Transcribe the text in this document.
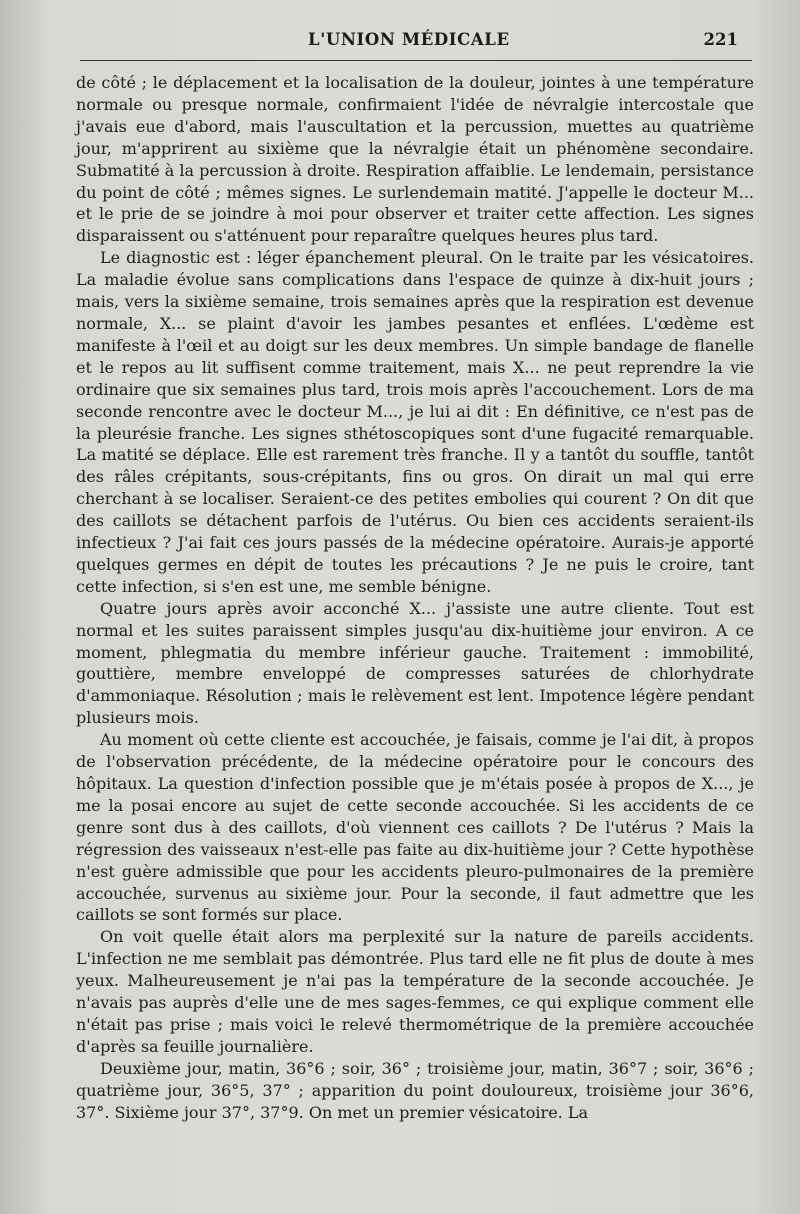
L'UNION MÉDICALE	221

de côté ; le déplacement et la localisation de la douleur, jointes à une température normale ou presque normale, confirmaient l'idée de névralgie intercostale que j'avais eue d'abord, mais l'auscultation et la percussion, muettes au quatrième jour, m'apprirent au sixième que la névralgie était un phénomène secondaire. Submatité à la percussion à droite. Respiration affaiblie. Le lendemain, persistance du point de côté ; mêmes signes. Le surlendemain matité. J'appelle le docteur M... et le prie de se joindre à moi pour observer et traiter cette affection. Les signes disparaissent ou s'atténuent pour reparaître quelques heures plus tard.

Le diagnostic est : léger épanchement pleural. On le traite par les vésicatoires. La maladie évolue sans complications dans l'espace de quinze à dix-huit jours ; mais, vers la sixième semaine, trois semaines après que la respiration est devenue normale, X... se plaint d'avoir les jambes pesantes et enflées. L'œdème est manifeste à l'œil et au doigt sur les deux membres. Un simple bandage de flanelle et le repos au lit suffisent comme traitement, mais X... ne peut reprendre la vie ordinaire que six semaines plus tard, trois mois après l'accouchement. Lors de ma seconde rencontre avec le docteur M..., je lui ai dit : En définitive, ce n'est pas de la pleurésie franche. Les signes sthétoscopiques sont d'une fugacité remarquable. La matité se déplace. Elle est rarement très franche. Il y a tantôt du souffle, tantôt des râles crépitants, sous-crépitants, fins ou gros. On dirait un mal qui erre cherchant à se localiser. Seraient-ce des petites embolies qui courent ? On dit que des caillots se détachent parfois de l'utérus. Ou bien ces accidents seraient-ils infectieux ? J'ai fait ces jours passés de la médecine opératoire. Aurais-je apporté quelques germes en dépit de toutes les précautions ? Je ne puis le croire, tant cette infection, si s'en est une, me semble bénigne.

Quatre jours après avoir acconché X... j'assiste une autre cliente. Tout est normal et les suites paraissent simples jusqu'au dix-huitième jour environ. A ce moment, phlegmatia du membre inférieur gauche. Traitement : immobilité, gouttière, membre enveloppé de compresses saturées de chlorhydrate d'ammoniaque. Résolution ; mais le relèvement est lent. Impotence légère pendant plusieurs mois.

Au moment où cette cliente est accouchée, je faisais, comme je l'ai dit, à propos de l'observation précédente, de la médecine opératoire pour le concours des hôpitaux. La question d'infection possible que je m'étais posée à propos de X..., je me la posai encore au sujet de cette seconde accouchée. Si les accidents de ce genre sont dus à des caillots, d'où viennent ces caillots ? De l'utérus ? Mais la régression des vaisseaux n'est-elle pas faite au dix-huitième jour ? Cette hypothèse n'est guère admissible que pour les accidents pleuro-pulmonaires de la première accouchée, survenus au sixième jour. Pour la seconde, il faut admettre que les caillots se sont formés sur place.

On voit quelle était alors ma perplexité sur la nature de pareils accidents. L'infection ne me semblait pas démontrée. Plus tard elle ne fit plus de doute à mes yeux. Malheureusement je n'ai pas la température de la seconde accouchée. Je n'avais pas auprès d'elle une de mes sages-femmes, ce qui explique comment elle n'était pas prise ; mais voici le relevé thermométrique de la première accouchée d'après sa feuille journalière.

Deuxième jour, matin, 36°6 ; soir, 36° ; troisième jour, matin, 36°7 ; soir, 36°6 ; quatrième jour, 36°5, 37° ; apparition du point douloureux, troisième jour 36°6, 37°. Sixième jour 37°, 37°9. On met un premier vésicatoire. La
